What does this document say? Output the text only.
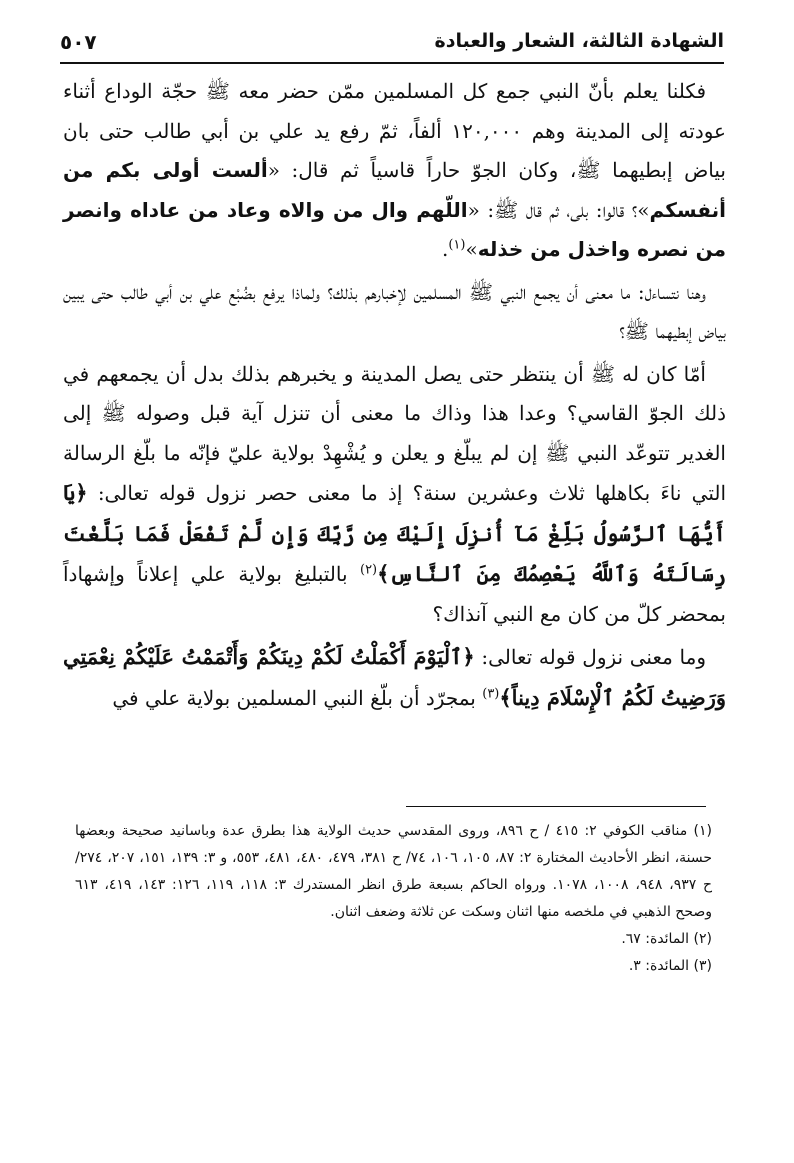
الشهادة الثالثة، الشعار والعبادة
٥٠٧

فكلنا يعلم بأنّ النبي جمع كل المسلمين ممّن حضر معه ﷺ حجّة الوداع أثناء عودته إلى المدينة وهم ١٢٠,٠٠٠ ألفاً، ثمّ رفع يد علي بن أبي طالب حتى بان بياض إبطيهما ﷺ، وكان الجوّ حاراً قاسياً ثم قال: «ألست أولى بكم من أنفسكم»؟ قالوا: بلى، ثم قال ﷺ: «اللّهم وال من والاه وعاد من عاداه وانصر من نصره واخذل من خذله»$^{(١)}$.

وهنا نتساءل: ما معنى أن يجمع النبي ﷺ المسلمين لإخبارهم بذلك؟ ولماذا يرفع بضُبْع علي بن أبي طالب حتى يبين بياض إبطيهما ﷺ؟

أمّا كان له ﷺ أن ينتظر حتى يصل المدينة و يخبرهم بذلك بدل أن يجمعهم في ذلك الجوّ القاسي؟ وعدا هذا وذاك ما معنى أن تنزل آية قبل وصوله ﷺ إلى الغدير تتوعّد النبي ﷺ إن لم يبلّغ و يعلن و يُشْهِدْ بولاية عليّ فإنّه ما بلّغ الرسالة التي ناءَ بكاهلها ثلاث وعشرين سنة؟ إذ ما معنى حصر نزول قوله تعالى: ﴿يَا أَيُّهَا ٱلرَّسُولُ بَلِّغْ مَآ أُنزِلَ إِلَيْكَ مِن رَّبِّكَ وَإِن لَّمْ تَفْعَلْ فَمَا بَلَّغْتَ رِسَالَتَهُ وَٱللَّهُ يَعْصِمُكَ مِنَ ٱلنَّاسِ﴾$^{(٢)}$ بالتبليغ بولاية علي إعلاناً وإشهاداً بمحضر كلّ من كان مع النبي آنذاك؟

وما معنى نزول قوله تعالى: ﴿ٱلْيَوْمَ أَكْمَلْتُ لَكُمْ دِينَكُمْ وَأَتْمَمْتُ عَلَيْكُمْ نِعْمَتِي وَرَضِيتُ لَكُمُ ٱلْإِسْلَامَ دِيناً﴾$^{(٣)}$ بمجرّد أن بلّغ النبي المسلمين بولاية علي في

(١) مناقب الكوفي ٢: ٤١٥ / ح ٨٩٦، وروى المقدسي حديث الولاية هذا بطرق عدة وباسانيد صحيحة وبعضها حسنة، انظر الأحاديث المختارة ٢: ٨٧، ١٠٥، ١٠٦، ٧٤/ ح ٣٨١، ٤٧٩، ٤٨٠، ٤٨١، ٥٥٣، و ٣: ١٣٩، ١٥١، ٢٠٧، ٢٧٤/ ح ٩٣٧، ٩٤٨، ١٠٠٨، ١٠٧٨. ورواه الحاكم بسبعة طرق انظر المستدرك ٣: ١١٨، ١١٩، ١٢٦: ١٤٣، ٤١٩، ٦١٣ وصحح الذهبي في ملخصه منها اثنان وسكت عن ثلاثة وضعف اثنان.

(٢) المائدة: ٦٧.

(٣) المائدة: ٣.
